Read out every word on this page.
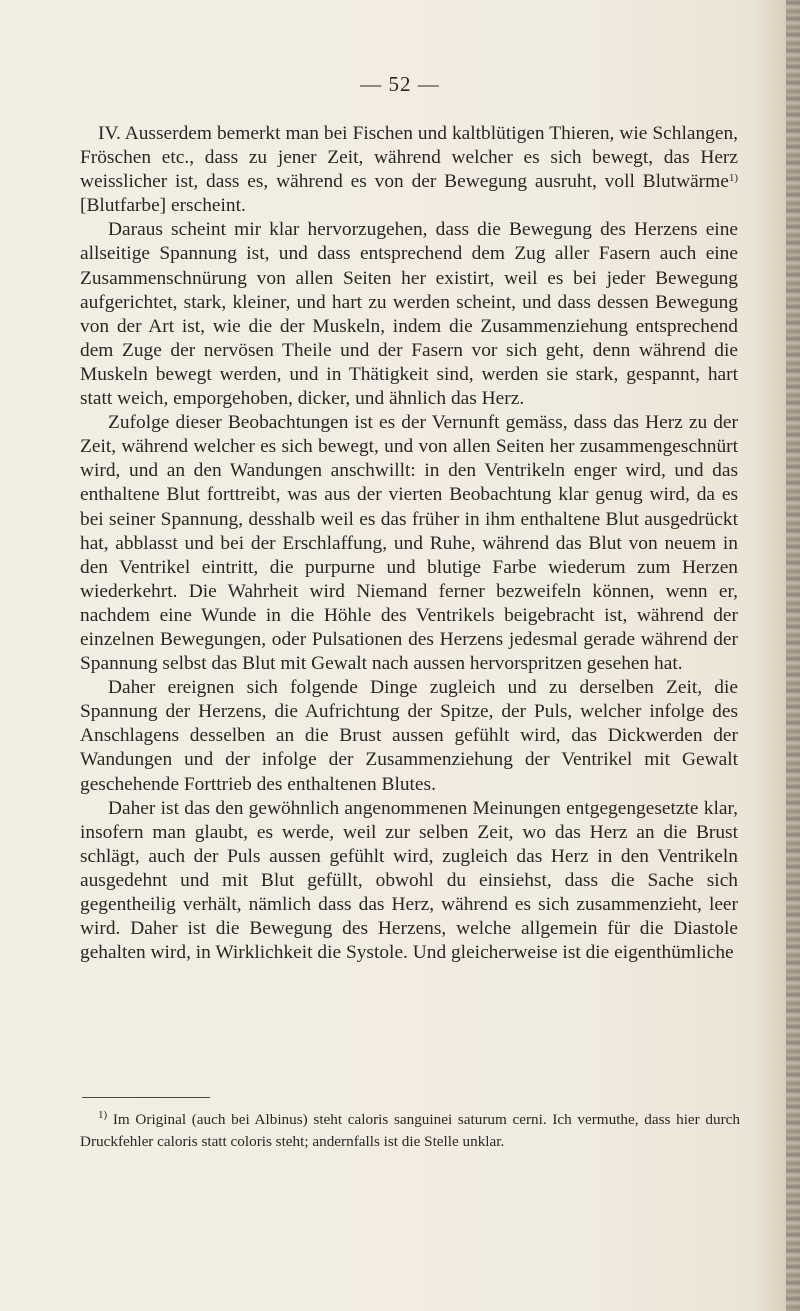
— 52 —

IV. Ausserdem bemerkt man bei Fischen und kaltblütigen Thieren, wie Schlangen, Fröschen etc., dass zu jener Zeit, während welcher es sich bewegt, das Herz weisslicher ist, dass es, während es von der Bewegung ausruht, voll Blutwärme$^{1)}$ [Blutfarbe] erscheint.

Daraus scheint mir klar hervorzugehen, dass die Bewegung des Herzens eine allseitige Spannung ist, und dass entsprechend dem Zug aller Fasern auch eine Zusammenschnürung von allen Seiten her existirt, weil es bei jeder Bewegung aufgerichtet, stark, kleiner, und hart zu werden scheint, und dass dessen Bewegung von der Art ist, wie die der Muskeln, indem die Zusammenziehung entsprechend dem Zuge der nervösen Theile und der Fasern vor sich geht, denn während die Muskeln bewegt werden, und in Thätigkeit sind, werden sie stark, gespannt, hart statt weich, emporgehoben, dicker, und ähnlich das Herz.

Zufolge dieser Beobachtungen ist es der Vernunft gemäss, dass das Herz zu der Zeit, während welcher es sich bewegt, und von allen Seiten her zusammengeschnürt wird, und an den Wandungen anschwillt: in den Ventrikeln enger wird, und das enthaltene Blut forttreibt, was aus der vierten Beobachtung klar genug wird, da es bei seiner Spannung, desshalb weil es das früher in ihm enthaltene Blut ausgedrückt hat, abblasst und bei der Erschlaffung, und Ruhe, während das Blut von neuem in den Ventrikel eintritt, die purpurne und blutige Farbe wiederum zum Herzen wiederkehrt. Die Wahrheit wird Niemand ferner bezweifeln können, wenn er, nachdem eine Wunde in die Höhle des Ventrikels beigebracht ist, während der einzelnen Bewegungen, oder Pulsationen des Herzens jedesmal gerade während der Spannung selbst das Blut mit Gewalt nach aussen hervorspritzen gesehen hat.

Daher ereignen sich folgende Dinge zugleich und zu derselben Zeit, die Spannung der Herzens, die Aufrichtung der Spitze, der Puls, welcher infolge des Anschlagens desselben an die Brust aussen gefühlt wird, das Dickwerden der Wandungen und der infolge der Zusammenziehung der Ventrikel mit Gewalt geschehende Forttrieb des enthaltenen Blutes.

Daher ist das den gewöhnlich angenommenen Meinungen entgegengesetzte klar, insofern man glaubt, es werde, weil zur selben Zeit, wo das Herz an die Brust schlägt, auch der Puls aussen gefühlt wird, zugleich das Herz in den Ventrikeln ausgedehnt und mit Blut gefüllt, obwohl du einsiehst, dass die Sache sich gegentheilig verhält, nämlich dass das Herz, während es sich zusammenzieht, leer wird. Daher ist die Bewegung des Herzens, welche allgemein für die Diastole gehalten wird, in Wirklichkeit die Systole. Und gleicherweise ist die eigenthümliche

$^{1)}$ Im Original (auch bei Albinus) steht caloris sanguinei saturum cerni. Ich vermuthe, dass hier durch Druckfehler caloris statt coloris steht; andernfalls ist die Stelle unklar.
